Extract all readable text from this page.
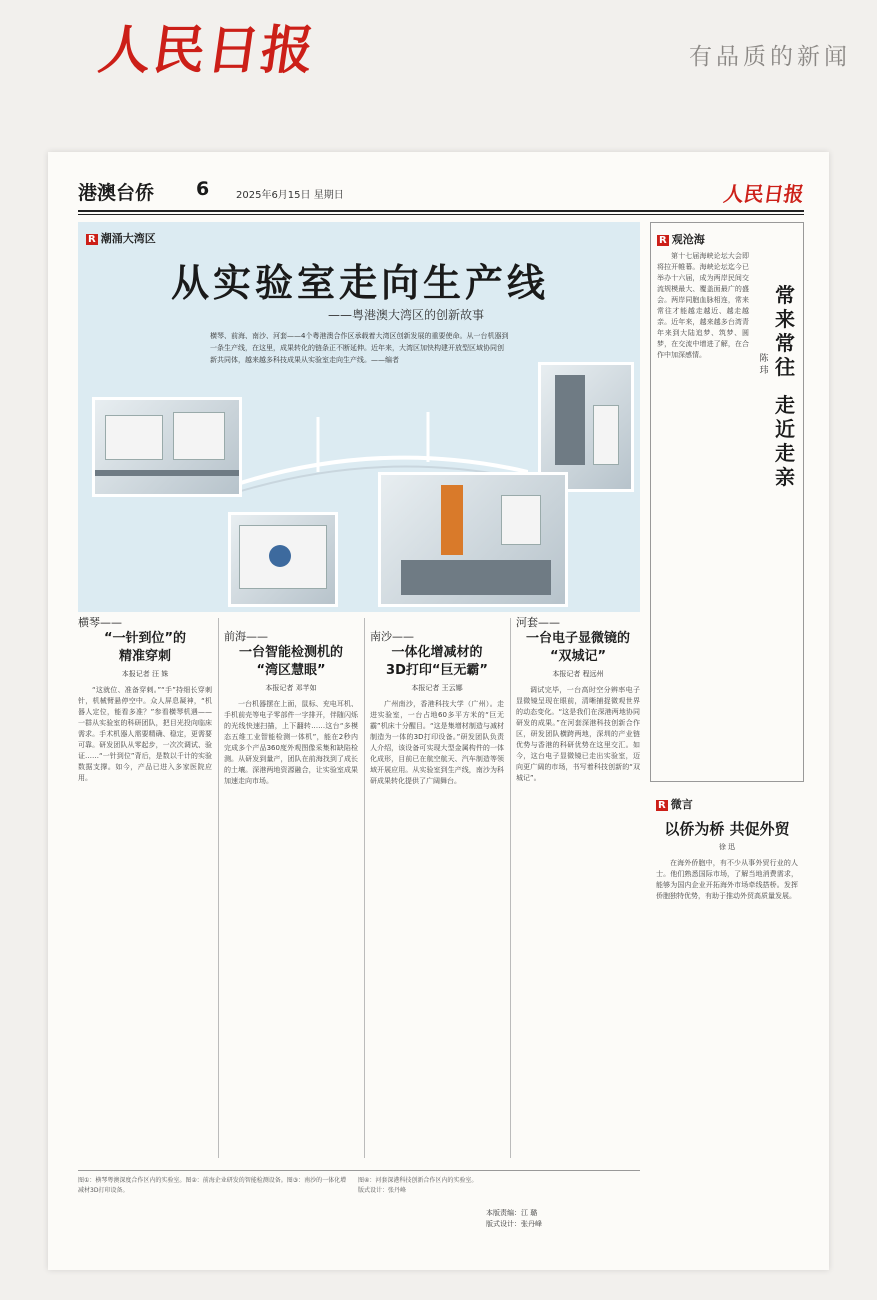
人民日报	有品质的新闻
港澳台侨 6	2025年6月15日 星期日	人民日报
R 潮涌大湾区
从实验室走向生产线
——粤港澳大湾区的创新故事
横琴、前海、南沙、河套——4个粤港澳合作区承载着大湾区创新发展的重要使命。从一台机器到一条生产线，在这里，成果转化的链条正不断延伸。近年来，大湾区加快构建开放型区域协同创新共同体，越来越多科技成果从实验室走向生产线。——编者
横琴——
“一针到位”的
精准穿刺
本报记者 汪 姝

“这就位、准备穿刺。”“手”持细长穿刺针，机械臂悬停空中。众人屏息凝神，“机器人定位，能看多准？”参看横琴机遇——一群从实验室的科研团队，把目光投向临床需求。手术机器人需要精确、稳定，更需要可靠。研发团队从零起步，一次次调试、验证……“一针到位”背后，是数以千计的实验数据支撑。如今，产品已进入多家医院应用。

前海——
一台智能检测机的
“湾区慧眼”
本报记者 邓芊如

一台机器摆在上面，鼠标、充电耳机、手机前壳等电子零部件一字排开，伴随闪烁的光线快速扫描，上下翻转……这台“多模态五维工业智能检测一体机”，能在2秒内完成多个产品360度外观图像采集和缺陷检测。从研发到量产，团队在前海找到了成长的土壤。深港两地资源融合，让实验室成果加速走向市场。

南沙——
一体化增减材的
3D打印“巨无霸”
本报记者 王云娜

广州南沙，香港科技大学（广州）。走进实验室，一台占地60多平方米的“巨无霸”机床十分醒目。“这是集增材制造与减材制造为一体的3D打印设备。”研发团队负责人介绍，该设备可实现大型金属构件的一体化成形，目前已在航空航天、汽车制造等领域开展应用。从实验室到生产线，南沙为科研成果转化提供了广阔舞台。

河套——
一台电子显微镜的
“双城记”
本报记者 程远州

调试完毕，一台高时空分辨率电子显微镜呈现在眼前，清晰捕捉微观世界的动态变化。“这是我们在深港两地协同研发的成果。”在河套深港科技创新合作区，研发团队横跨两地，深圳的产业链优势与香港的科研优势在这里交汇。如今，这台电子显微镜已走出实验室，迈向更广阔的市场，书写着科技创新的“双城记”。

图①：横琴粤澳深度合作区内的实验室。图②：前海企业研发的智能检测设备。图③：南沙的一体化增减材3D打印设备。
图④：河套深港科技创新合作区内的实验室。版式设计：张丹峰
本版责编：江 璐
版式设计：张丹峰
R 观沧海

第十七届海峡论坛大会即将拉开帷幕。海峡论坛迄今已举办十六届，成为两岸民间交流规模最大、覆盖面最广的盛会。两岸同胞血脉相连，常来常往才能越走越近、越走越亲。近年来，越来越多台湾青年来到大陆追梦、筑梦、圆梦，在交流中增进了解，在合作中加深感情。

常来常往
走近走亲
陈 玮
R 微言
以侨为桥 共促外贸
徐 迅

在海外侨胞中，有不少从事外贸行业的人士。他们熟悉国际市场，了解当地消费需求，能够为国内企业开拓海外市场牵线搭桥。发挥侨胞独特优势，有助于推动外贸高质量发展。
